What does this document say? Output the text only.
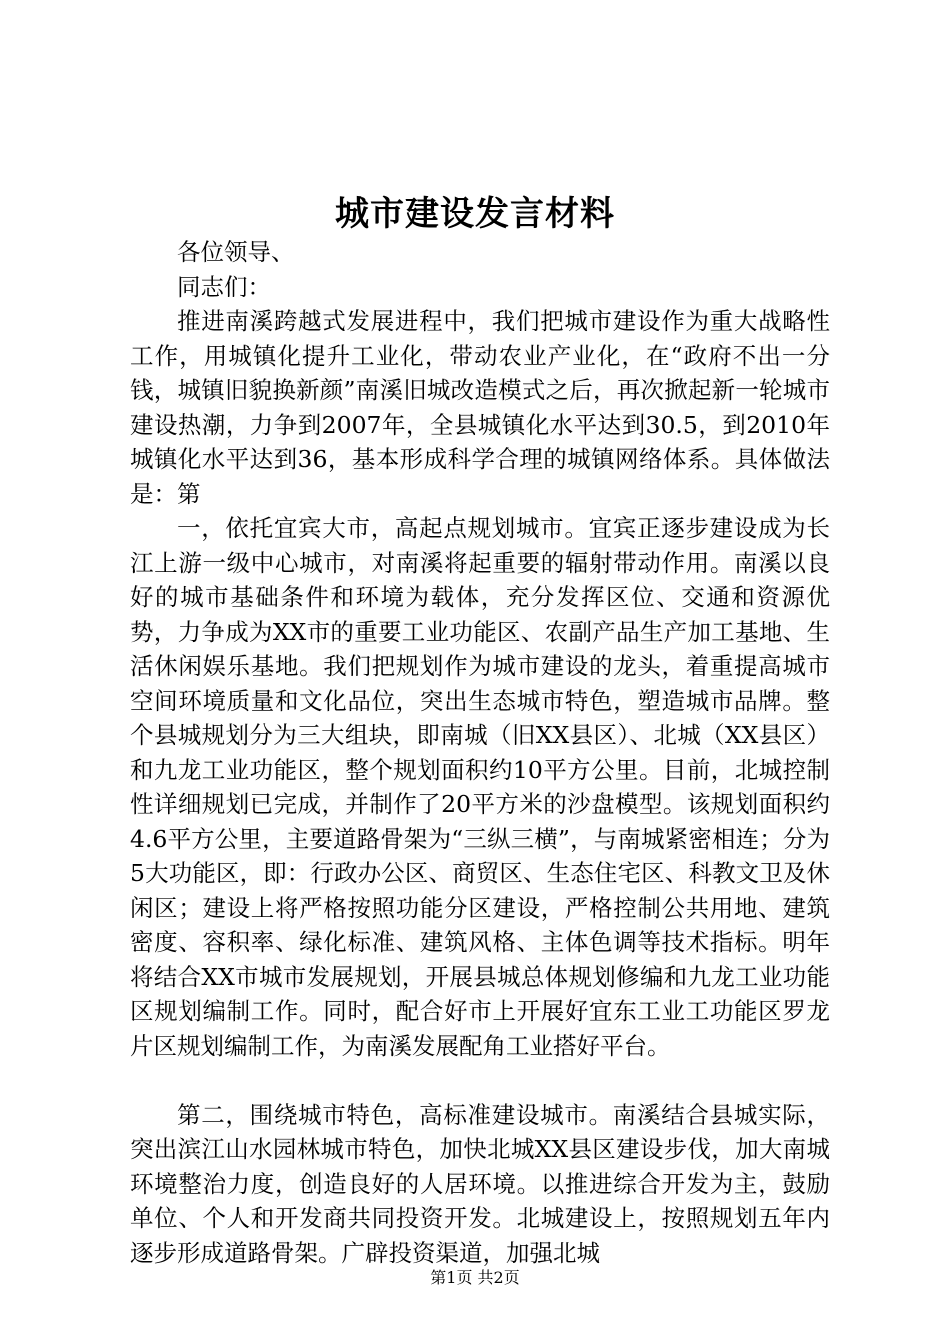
城市建设发言材料

各位领导、

同志们：

推进南溪跨越式发展进程中，我们把城市建设作为重大战略性工作，用城镇化提升工业化，带动农业产业化，在“政府不出一分钱，城镇旧貌换新颜”南溪旧城改造模式之后，再次掀起新一轮城市建设热潮，力争到2007年，全县城镇化水平达到30.5，到2010年城镇化水平达到36，基本形成科学合理的城镇网络体系。具体做法是：第

一，依托宜宾大市，高起点规划城市。宜宾正逐步建设成为长江上游一级中心城市，对南溪将起重要的辐射带动作用。南溪以良好的城市基础条件和环境为载体，充分发挥区位、交通和资源优势，力争成为XX市的重要工业功能区、农副产品生产加工基地、生活休闲娱乐基地。我们把规划作为城市建设的龙头，着重提高城市空间环境质量和文化品位，突出生态城市特色，塑造城市品牌。整个县城规划分为三大组块，即南城（旧XX县区）、北城（XX县区）和九龙工业功能区，整个规划面积约10平方公里。目前，北城控制性详细规划已完成，并制作了20平方米的沙盘模型。该规划面积约4.6平方公里，主要道路骨架为“三纵三横”，与南城紧密相连；分为5大功能区，即：行政办公区、商贸区、生态住宅区、科教文卫及休闲区；建设上将严格按照功能分区建设，严格控制公共用地、建筑密度、容积率、绿化标准、建筑风格、主体色调等技术指标。明年将结合XX市城市发展规划，开展县城总体规划修编和九龙工业功能区规划编制工作。同时，配合好市上开展好宜东工业工功能区罗龙片区规划编制工作，为南溪发展配角工业搭好平台。

第二，围绕城市特色，高标准建设城市。南溪结合县城实际，突出滨江山水园林城市特色，加快北城XX县区建设步伐，加大南城环境整治力度，创造良好的人居环境。以推进综合开发为主，鼓励单位、个人和开发商共同投资开发。北城建设上，按照规划五年内逐步形成道路骨架。广辟投资渠道，加强北城

第1页 共2页
